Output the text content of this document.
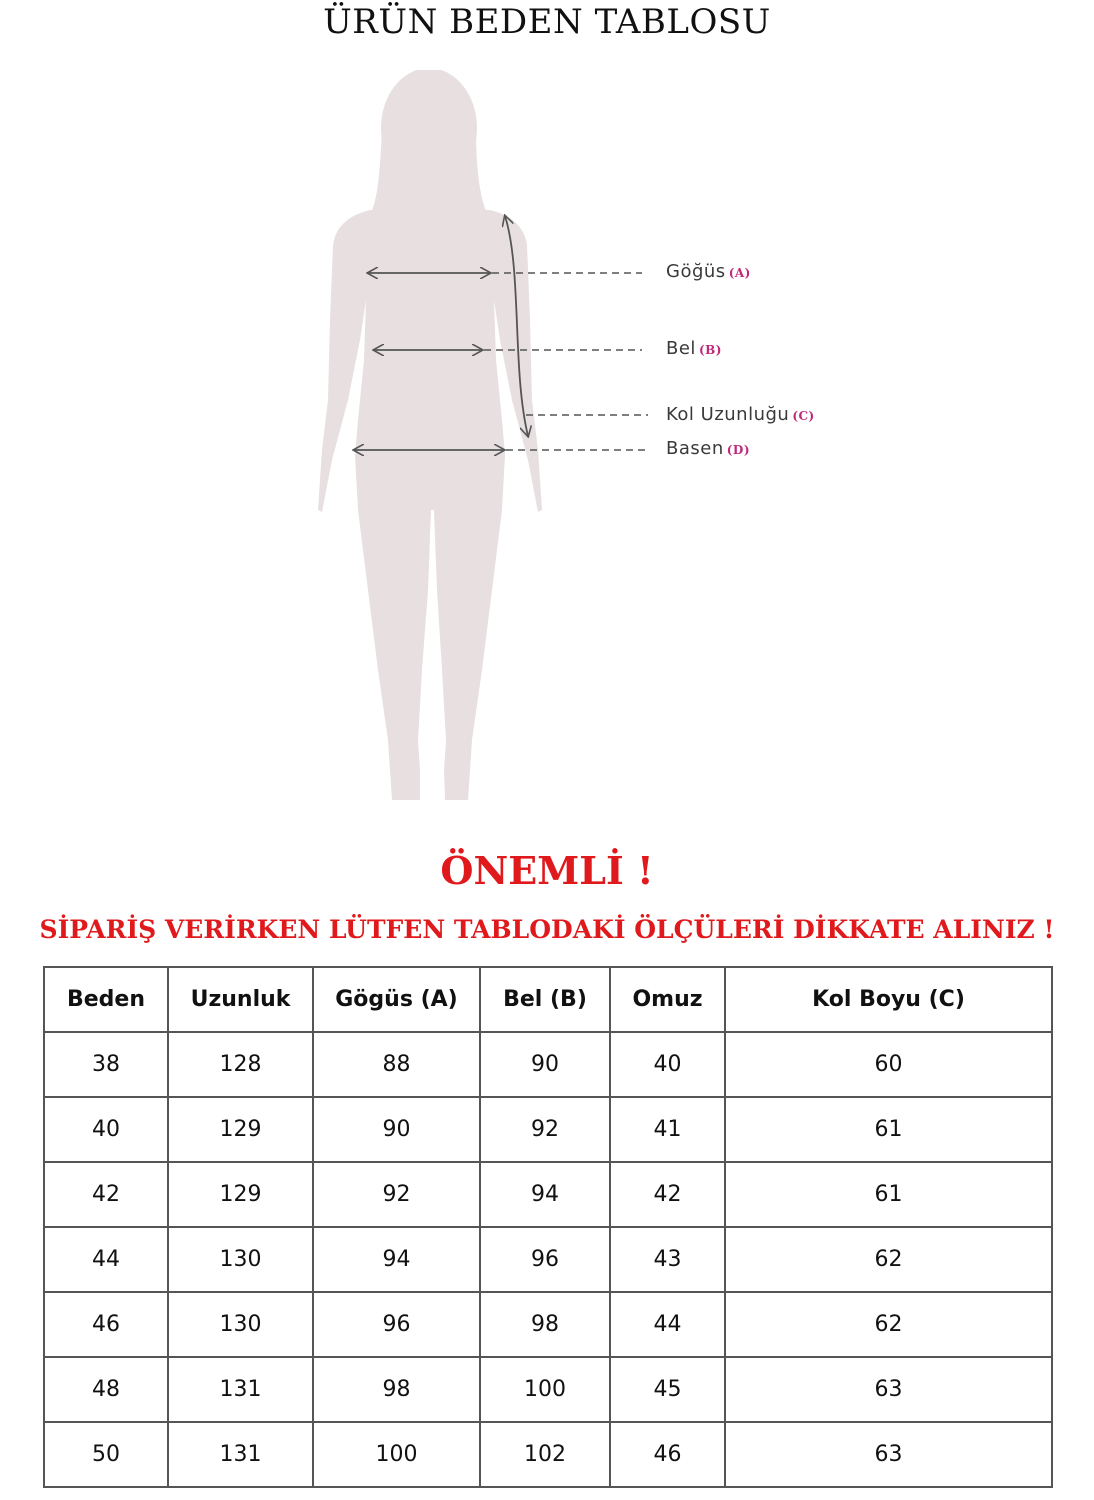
ÜRÜN BEDEN TABLOSU
Göğüs (A)
Bel (B)
Kol Uzunluğu (C)
Basen (D)
ÖNEMLİ !
SİPARİŞ VERİRKEN LÜTFEN TABLODAKİ ÖLÇÜLERİ DİKKATE ALINIZ !
Beden	Uzunluk	Gögüs (A)	Bel (B)	Omuz	Kol Boyu (C)
38	128	88	90	40	60
40	129	90	92	41	61
42	129	92	94	42	61
44	130	94	96	43	62
46	130	96	98	44	62
48	131	98	100	45	63
50	131	100	102	46	63
